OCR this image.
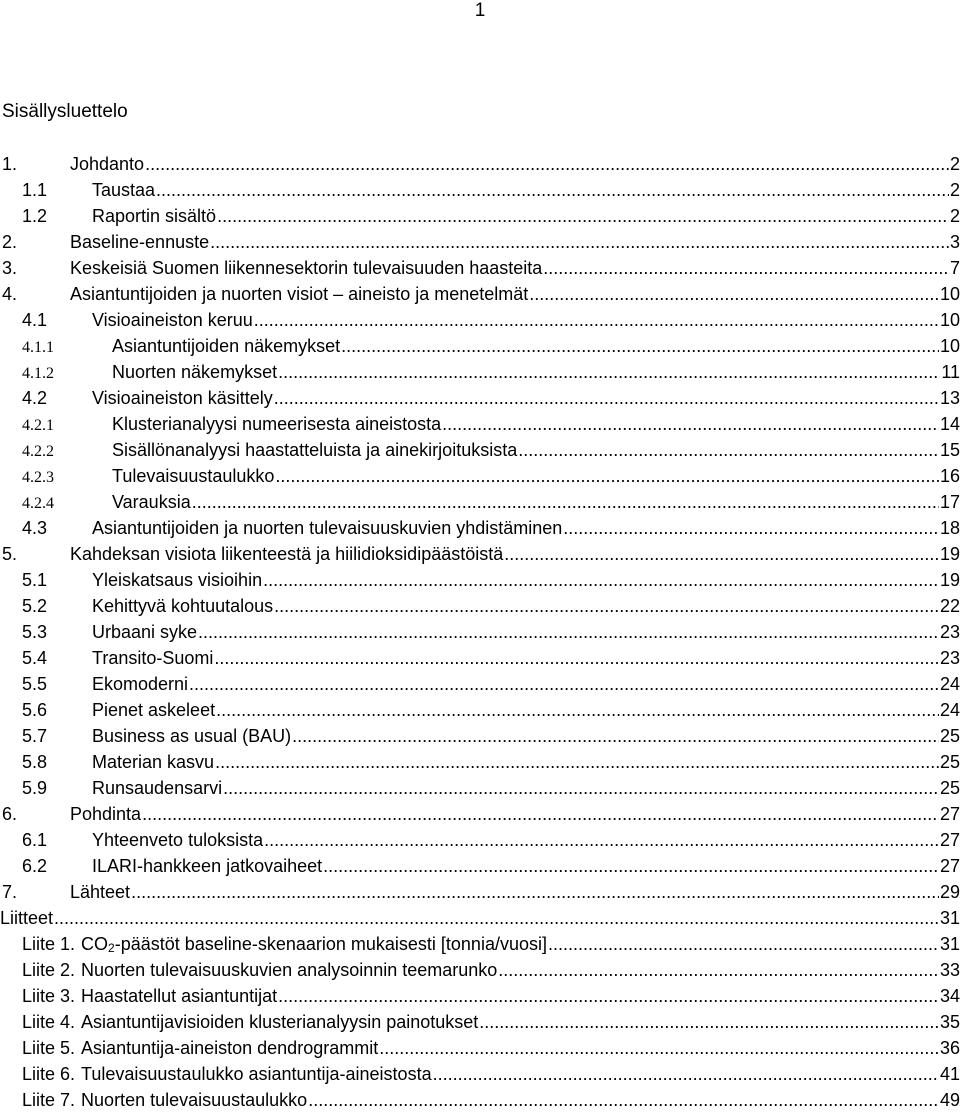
1
Sisällysluettelo
1.	Johdanto .....	2
1.1	Taustaa .....	2
1.2	Raportin sisältö .....	2
2.	Baseline-ennuste .....	3
3.	Keskeisiä Suomen liikennesektorin tulevaisuuden haasteita .....	7
4.	Asiantuntijoiden ja nuorten visiot – aineisto ja menetelmät .....	10
4.1	Visioaineiston keruu .....	10
4.1.1	Asiantuntijoiden näkemykset .....	10
4.1.2	Nuorten näkemykset .....	11
4.2	Visioaineiston käsittely .....	13
4.2.1	Klusterianalyysi numeerisesta aineistosta .....	14
4.2.2	Sisällönanalyysi haastatteluista ja ainekirjoituksista .....	15
4.2.3	Tulevaisuustaulukko .....	16
4.2.4	Varauksia .....	17
4.3	Asiantuntijoiden ja nuorten tulevaisuuskuvien yhdistäminen .....	18
5.	Kahdeksan visiota liikenteestä ja hiilidioksidipäästöistä .....	19
5.1	Yleiskatsaus visioihin .....	19
5.2	Kehittyvä kohtuutalous .....	22
5.3	Urbaani syke .....	23
5.4	Transito-Suomi .....	23
5.5	Ekomoderni .....	24
5.6	Pienet askeleet .....	24
5.7	Business as usual (BAU) .....	25
5.8	Materian kasvu .....	25
5.9	Runsaudensarvi .....	25
6.	Pohdinta .....	27
6.1	Yhteenveto tuloksista .....	27
6.2	ILARI-hankkeen jatkovaiheet .....	27
7.	Lähteet .....	29
Liitteet .....	31
Liite 1. $CO_2$-päästöt baseline-skenaarion mukaisesti [tonnia/vuosi] .....	31
Liite 2. Nuorten tulevaisuuskuvien analysoinnin teemarunko .....	33
Liite 3. Haastatellut asiantuntijat .....	34
Liite 4. Asiantuntijavisioiden klusterianalyysin painotukset .....	35
Liite 5. Asiantuntija-aineiston dendrogrammit .....	36
Liite 6. Tulevaisuustaulukko asiantuntija-aineistosta .....	41
Liite 7. Nuorten tulevaisuustaulukko .....	49
